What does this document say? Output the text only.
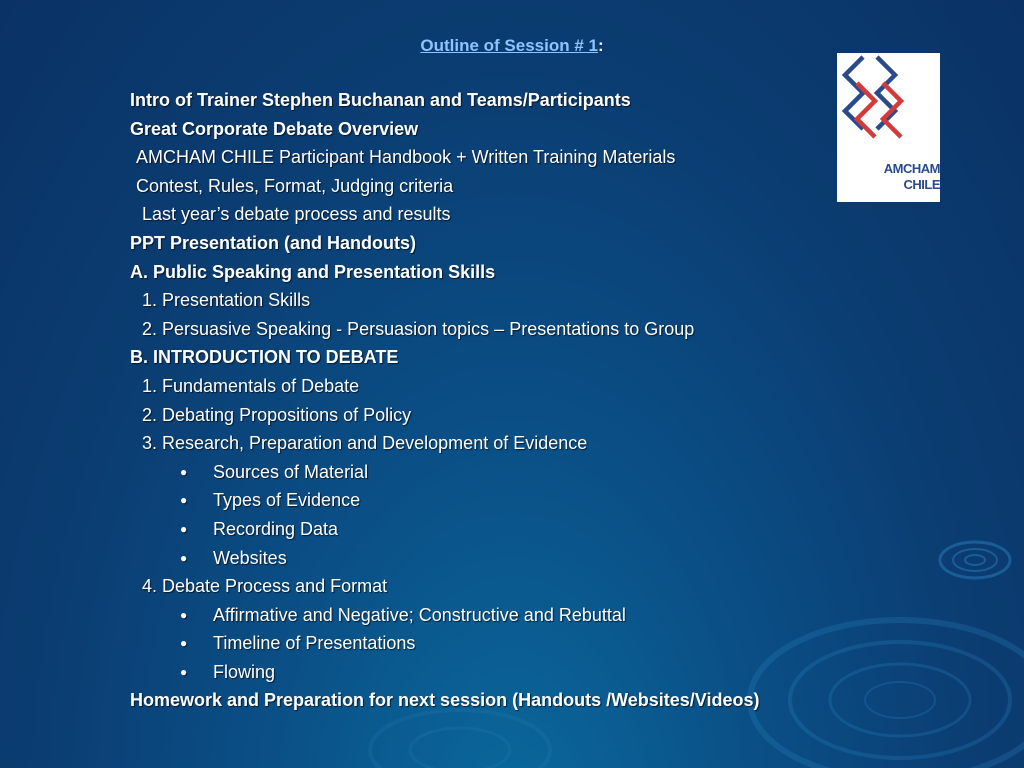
Outline of Session # 1:
Intro of Trainer Stephen Buchanan and Teams/Participants
Great Corporate Debate Overview
AMCHAM CHILE Participant Handbook + Written Training Materials
Contest, Rules, Format, Judging criteria
Last year’s debate process and results
PPT Presentation (and Handouts)
A. Public Speaking and Presentation Skills
1. Presentation Skills
2. Persuasive Speaking - Persuasion topics – Presentations to Group
B. INTRODUCTION TO DEBATE
1. Fundamentals of Debate
2. Debating Propositions of Policy
3. Research, Preparation and Development of Evidence
● Sources of Material
● Types of Evidence
● Recording Data
● Websites
4. Debate Process and Format
● Affirmative and Negative; Constructive and Rebuttal
● Timeline of Presentations
● Flowing
Homework and Preparation for next session (Handouts /Websites/Videos)
AMCHAM
CHILE
